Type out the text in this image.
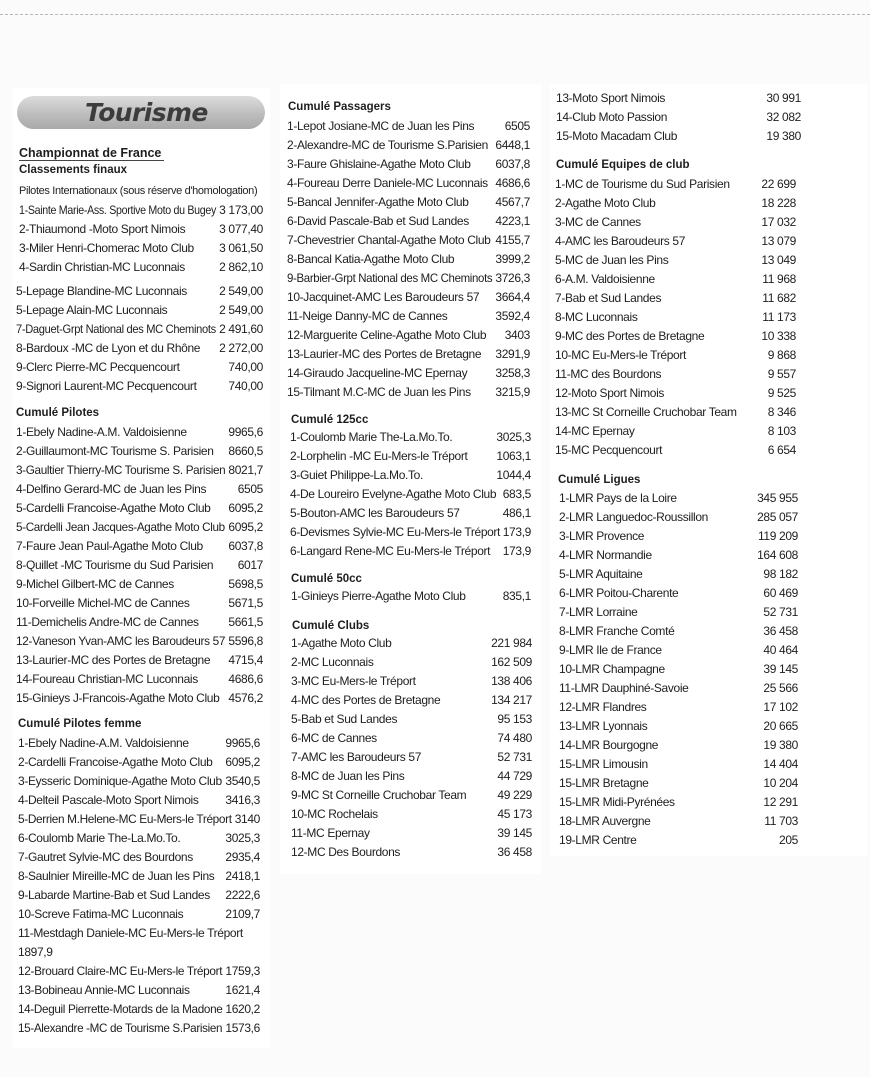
Tourisme
Championnat de France
Classements finaux
Pilotes Internationaux (sous réserve d'homologation)
Cumulé Pilotes
Cumulé Pilotes femme
1-Sainte Marie-Ass. Sportive Moto du Bugey 3 173,00
2-Thiaumond -Moto Sport Nimois	3 077,40
3-Miler Henri-Chomerac Moto Club 3 061,50
4-Sardin Christian-MC Luconnais	2 862,10
5-Lepage Blandine-MC Luconnais	2 549,00
5-Lepage Alain-MC Luconnais	2 549,00
7-Daguet-Grpt National des MC Cheminots 2 491,60
8-Bardoux -MC de Lyon et du Rhône 2 272,00
9-Clerc Pierre-MC Pecquencourt	740,00
9-Signori Laurent-MC Pecquencourt	740,00
1-Ebely Nadine-A.M. Valdoisienne	9965,6
2-Guillaumont-MC Tourisme S. Parisien 8660,5
3-Gaultier Thierry-MC Tourisme S. Parisien 8021,7
4-Delfino Gerard-MC de Juan les Pins	6505
5-Cardelli Francoise-Agathe Moto Club 6095,2
5-Cardelli Jean Jacques-Agathe Moto Club 6095,2
7-Faure Jean Paul-Agathe Moto Club 6037,8
8-Quillet -MC Tourisme du Sud Parisien 6017
9-Michel Gilbert-MC de Cannes	5698,5
10-Forveille Michel-MC de Cannes	5671,5
11-Demichelis Andre-MC de Cannes 5661,5
12-Vaneson Yvan-AMC les Baroudeurs 57 5596,8
13-Laurier-MC des Portes de Bretagne 4715,4
14-Foureau Christian-MC Luconnais	4686,6
15-Ginieys J-Francois-Agathe Moto Club 4576,2
1-Ebely Nadine-A.M. Valdoisienne	9965,6
2-Cardelli Francoise-Agathe Moto Club 6095,2
3-Eysseric Dominique-Agathe Moto Club 3540,5
4-Delteil Pascale-Moto Sport Nimois 3416,3
5-Derrien M.Helene-MC Eu-Mers-le Tréport 3140
6-Coulomb Marie The-La.Mo.To.	3025,3
7-Gautret Sylvie-MC des Bourdons	2935,4
8-Saulnier Mireille-MC de Juan les Pins 2418,1
9-Labarde Martine-Bab et Sud Landes 2222,6
10-Screve Fatima-MC Luconnais	2109,7
11-Mestdagh Daniele-MC Eu-Mers-le Tréport
1897,9
12-Brouard Claire-MC Eu-Mers-le Tréport 1759,3
13-Bobineau Annie-MC Luconnais	1621,4
14-Deguil Pierrette-Motards de la Madone 1620,2
15-Alexandre -MC de Tourisme S.Parisien 1573,6
Cumulé Passagers
Cumulé 125cc
Cumulé 50cc
Cumulé Clubs
1-Lepot Josiane-MC de Juan les Pins	6505
2-Alexandre-MC de Tourisme S.Parisien 6448,1
3-Faure Ghislaine-Agathe Moto Club 6037,8
4-Foureau Derre Daniele-MC Luconnais 4686,6
5-Bancal Jennifer-Agathe Moto Club 4567,7
6-David Pascale-Bab et Sud Landes 4223,1
7-Chevestrier Chantal-Agathe Moto Club 4155,7
8-Bancal Katia-Agathe Moto Club	3999,2
9-Barbier-Grpt National des MC Cheminots 3726,3
10-Jacquinet-AMC Les Baroudeurs 57 3664,4
11-Neige Danny-MC de Cannes	3592,4
12-Marguerite Celine-Agathe Moto Club 3403
13-Laurier-MC des Portes de Bretagne 3291,9
14-Giraudo Jacqueline-MC Epernay 3258,3
15-Tilmant M.C-MC de Juan les Pins 3215,9
1-Coulomb Marie The-La.Mo.To.	3025,3
2-Lorphelin -MC Eu-Mers-le Tréport 1063,1
3-Guiet Philippe-La.Mo.To.	1044,4
4-De Loureiro Evelyne-Agathe Moto Club 683,5
5-Bouton-AMC les Baroudeurs 57	486,1
6-Devismes Sylvie-MC Eu-Mers-le Tréport 173,9
6-Langard Rene-MC Eu-Mers-le Tréport 173,9
1-Ginieys Pierre-Agathe Moto Club	835,1
1-Agathe Moto Club	221 984
2-MC Luconnais	162 509
3-MC Eu-Mers-le Tréport	138 406
4-MC des Portes de Bretagne	134 217
5-Bab et Sud Landes	95 153
6-MC de Cannes	74 480
7-AMC les Baroudeurs 57	52 731
8-MC de Juan les Pins	44 729
9-MC St Corneille Cruchobar Team	49 229
10-MC Rochelais	45 173
11-MC Epernay	39 145
12-MC Des Bourdons	36 458
Cumulé Equipes de club
Cumulé Ligues
13-Moto Sport Nimois	30 991
14-Club Moto Passion	32 082
15-Moto Macadam Club	19 380
1-MC de Tourisme du Sud Parisien	22 699
2-Agathe Moto Club	18 228
3-MC de Cannes	17 032
4-AMC les Baroudeurs 57	13 079
5-MC de Juan les Pins	13 049
6-A.M. Valdoisienne	11 968
7-Bab et Sud Landes	11 682
8-MC Luconnais	11 173
9-MC des Portes de Bretagne	10 338
10-MC Eu-Mers-le Tréport	9 868
11-MC des Bourdons	9 557
12-Moto Sport Nimois	9 525
13-MC St Corneille Cruchobar Team	8 346
14-MC Epernay	8 103
15-MC Pecquencourt	6 654
1-LMR Pays de la Loire	345 955
2-LMR Languedoc-Roussillon	285 057
3-LMR Provence	119 209
4-LMR Normandie	164 608
5-LMR Aquitaine	98 182
6-LMR Poitou-Charente	60 469
7-LMR Lorraine	52 731
8-LMR Franche Comté	36 458
9-LMR Ile de France	40 464
10-LMR Champagne	39 145
11-LMR Dauphiné-Savoie	25 566
12-LMR Flandres	17 102
13-LMR Lyonnais	20 665
14-LMR Bourgogne	19 380
15-LMR Limousin	14 404
15-LMR Bretagne	10 204
15-LMR Midi-Pyrénées	12 291
18-LMR Auvergne	11 703
19-LMR Centre	205
